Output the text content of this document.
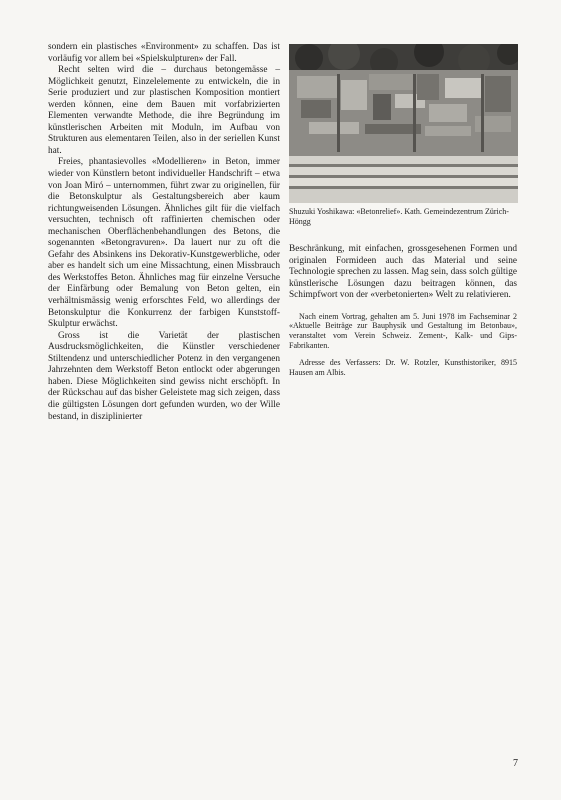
sondern ein plastisches «Environment» zu schaffen. Das ist vorläufig vor allem bei «Spielskulpturen» der Fall.

Recht selten wird die – durchaus betongemässe – Möglichkeit genutzt, Einzelelemente zu entwickeln, die in Serie produziert und zur plastischen Komposition montiert werden können, eine dem Bauen mit vorfabrizierten Elementen verwandte Methode, die ihre Begründung im künstlerischen Arbeiten mit Moduln, im Aufbau von Strukturen aus elementaren Teilen, also in der seriellen Kunst hat.

Freies, phantasievolles «Modellieren» in Beton, immer wieder von Künstlern betont individueller Handschrift – etwa von Joan Miró – unternommen, führt zwar zu originellen, für die Betonskulptur als Gestaltungsbereich aber kaum richtungweisenden Lösungen. Ähnliches gilt für die vielfach versuchten, technisch oft raffinierten chemischen oder mechanischen Oberflächenbehandlungen des Betons, die sogenannten «Betongravuren». Da lauert nur zu oft die Gefahr des Absinkens ins Dekorativ-Kunstgewerbliche, oder aber es handelt sich um eine Missachtung, einen Missbrauch des Werkstoffes Beton. Ähnliches mag für einzelne Versuche der Einfärbung oder Bemalung von Beton gelten, ein verhältnismässig wenig erforschtes Feld, wo allerdings der Betonskulptur die Konkurrenz der farbigen Kunststoff-Skulptur erwächst.

Gross ist die Varietät der plastischen Ausdrucksmöglichkeiten, die Künstler verschiedener Stiltendenz und unterschiedlicher Potenz in den vergangenen Jahrzehnten dem Werkstoff Beton entlockt oder abgerungen haben. Diese Möglichkeiten sind gewiss nicht erschöpft. In der Rückschau auf das bisher Geleistete mag sich zeigen, dass die gültigsten Lösungen dort gefunden wurden, wo der Wille bestand, in disziplinierter

Shuzuki Yoshikawa: «Betonrelief». Kath. Gemeindezentrum Zürich-Höngg

Beschränkung, mit einfachen, grossgesehenen Formen und originalen Formideen auch das Material und seine Technologie sprechen zu lassen. Mag sein, dass solch gültige künstlerische Lösungen dazu beitragen können, das Schimpfwort von der «verbetonierten» Welt zu relativieren.

Nach einem Vortrag, gehalten am 5. Juni 1978 im Fachseminar 2 «Aktuelle Beiträge zur Bauphysik und Gestaltung im Betonbau», veranstaltet vom Verein Schweiz. Zement-, Kalk- und Gips-Fabrikanten.

Adresse des Verfassers: Dr. W. Rotzler, Kunsthistoriker, 8915 Hausen am Albis.

7
